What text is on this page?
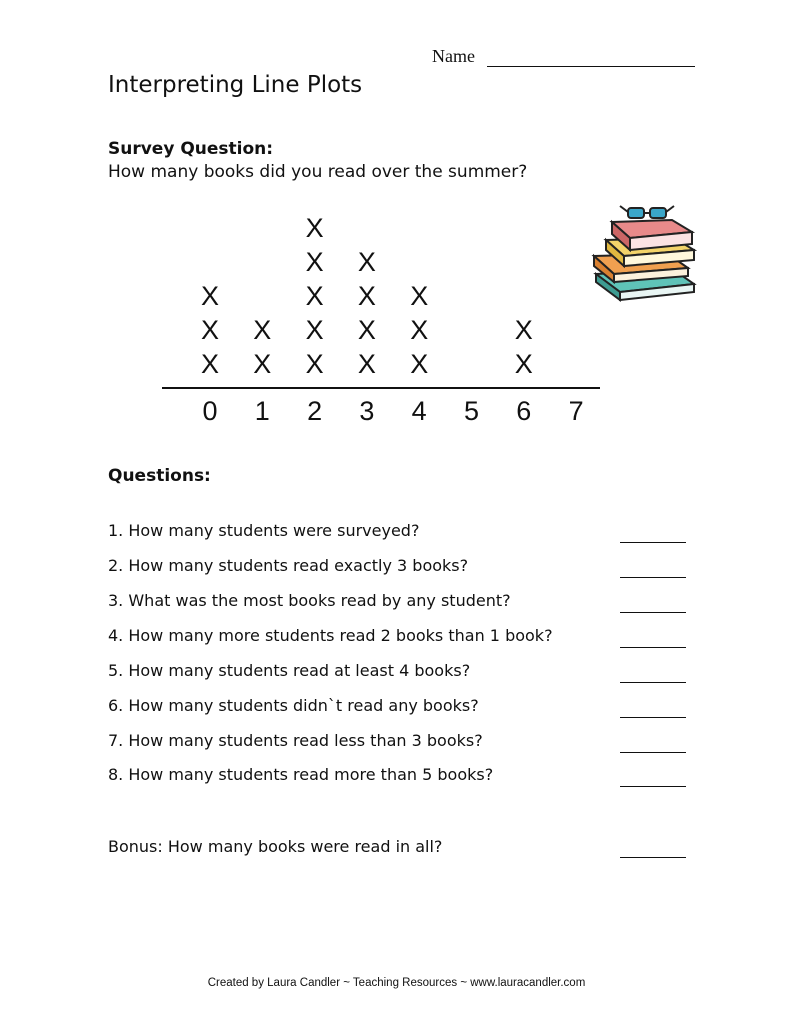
Name
Interpreting Line Plots
Survey Question:
How many books did you read over the summer?
0
X
X
X
1
X
X
2
X
X
X
X
X
3
X
X
X
X
4
X
X
X
5 6
X
X
7
Questions:
1. How many students were surveyed?
2. How many students read exactly 3 books?
3. What was the most books read by any student?
4. How many more students read 2 books than 1 book?
5. How many students read at least 4 books?
6. How many students didn`t read any books?
7. How many students read less than 3 books?
8. How many students read more than 5 books?
Bonus: How many books were read in all?
Created by Laura Candler ~ Teaching Resources ~ www.lauracandler.com
